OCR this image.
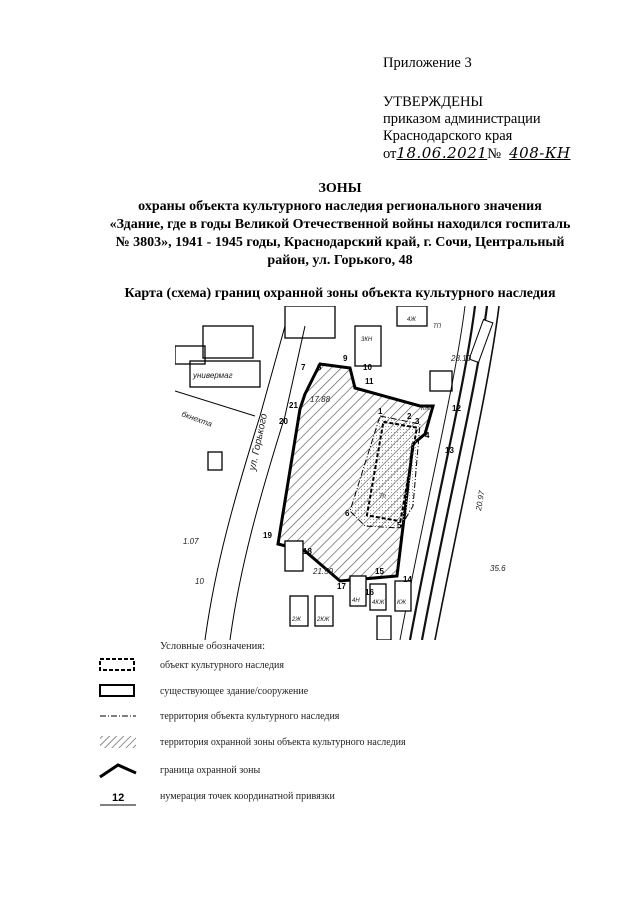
Приложение 3
УТВЕРЖДЕНЫ
приказом администрации
Краснодарского края
от18.06.2021№ 408-КН
ЗОНЫ
охраны объекта культурного наследия регионального значения
«Здание, где в годы Великой Отечественной войны находился госпиталь
№ 3803», 1941 - 1945 годы, Краснодарский край, г. Сочи, Центральный
район, ул. Горького, 48
Карта (схема) границ охранной зоны объекта культурного наследия
1
2
3
4
5
6
7 8
9
10
11
12
13
14
15
16
17
18
19
20
21
28.10
17.88
20.97
21.59	35.6
1.07
10
универмаг
бкнехта	ул. Горького
3КН
4Ж
ТП
КЖ
2Ж	2КЖ
4Н 4КЖ КЖ
Тп
Условные обозначения:
объект культурного наследия
существующее здание/сооружение
территория объекта культурного наследия
территория охранной зоны объекта культурного наследия
граница охранной зоны
12	нумерация точек координатной привязки
